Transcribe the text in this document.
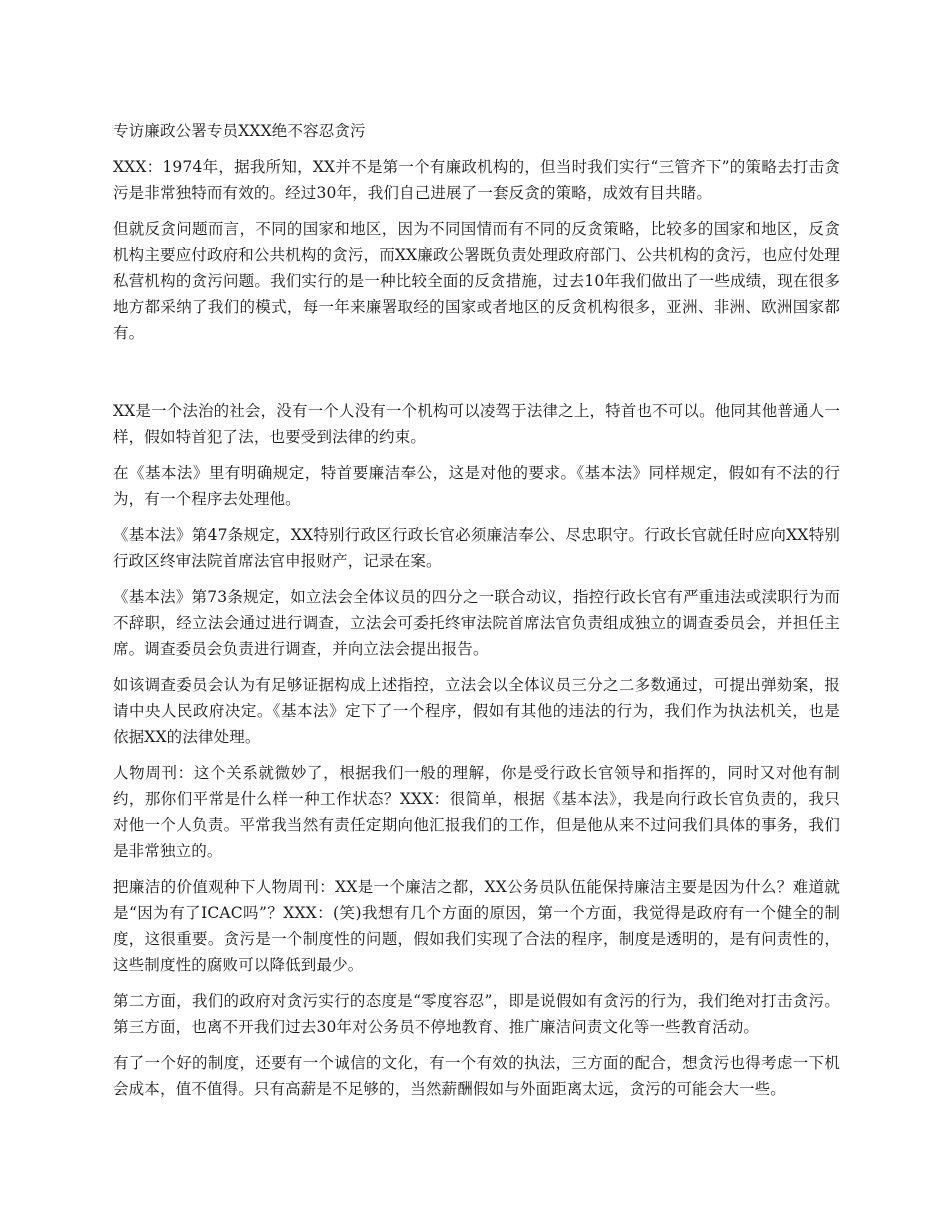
专访廉政公署专员XXX绝不容忍贪污

XXX：1974年，据我所知，XX并不是第一个有廉政机构的，但当时我们实行“三管齐下”的策略去打击贪污是非常独特而有效的。经过30年，我们自己进展了一套反贪的策略，成效有目共睹。

但就反贪问题而言，不同的国家和地区，因为不同国情而有不同的反贪策略，比较多的国家和地区，反贪机构主要应付政府和公共机构的贪污，而XX廉政公署既负责处理政府部门、公共机构的贪污，也应付处理私营机构的贪污问题。我们实行的是一种比较全面的反贪措施，过去10年我们做出了一些成绩，现在很多地方都采纳了我们的模式，每一年来廉署取经的国家或者地区的反贪机构很多，亚洲、非洲、欧洲国家都有。

XX是一个法治的社会，没有一个人没有一个机构可以凌驾于法律之上，特首也不可以。他同其他普通人一样，假如特首犯了法，也要受到法律的约束。

在《基本法》里有明确规定，特首要廉洁奉公，这是对他的要求。《基本法》同样规定，假如有不法的行为，有一个程序去处理他。

《基本法》第47条规定，XX特别行政区行政长官必须廉洁奉公、尽忠职守。行政长官就任时应向XX特别行政区终审法院首席法官申报财产，记录在案。

《基本法》第73条规定，如立法会全体议员的四分之一联合动议，指控行政长官有严重违法或渎职行为而不辞职，经立法会通过进行调查，立法会可委托终审法院首席法官负责组成独立的调查委员会，并担任主席。调查委员会负责进行调查，并向立法会提出报告。

如该调查委员会认为有足够证据构成上述指控，立法会以全体议员三分之二多数通过，可提出弹劾案，报请中央人民政府决定。《基本法》定下了一个程序，假如有其他的违法的行为，我们作为执法机关，也是依据XX的法律处理。

人物周刊：这个关系就微妙了，根据我们一般的理解，你是受行政长官领导和指挥的，同时又对他有制约，那你们平常是什么样一种工作状态？XXX：很简单，根据《基本法》，我是向行政长官负责的，我只对他一个人负责。平常我当然有责任定期向他汇报我们的工作，但是他从来不过问我们具体的事务，我们是非常独立的。

把廉洁的价值观种下人物周刊：XX是一个廉洁之都，XX公务员队伍能保持廉洁主要是因为什么？难道就是“因为有了ICAC吗”？XXX：(笑)我想有几个方面的原因，第一个方面，我觉得是政府有一个健全的制度，这很重要。贪污是一个制度性的问题，假如我们实现了合法的程序，制度是透明的，是有问责性的，这些制度性的腐败可以降低到最少。

第二方面，我们的政府对贪污实行的态度是“零度容忍”，即是说假如有贪污的行为，我们绝对打击贪污。第三方面，也离不开我们过去30年对公务员不停地教育、推广廉洁问责文化等一些教育活动。

有了一个好的制度，还要有一个诚信的文化，有一个有效的执法，三方面的配合，想贪污也得考虑一下机会成本，值不值得。只有高薪是不足够的，当然薪酬假如与外面距离太远，贪污的可能会大一些。
